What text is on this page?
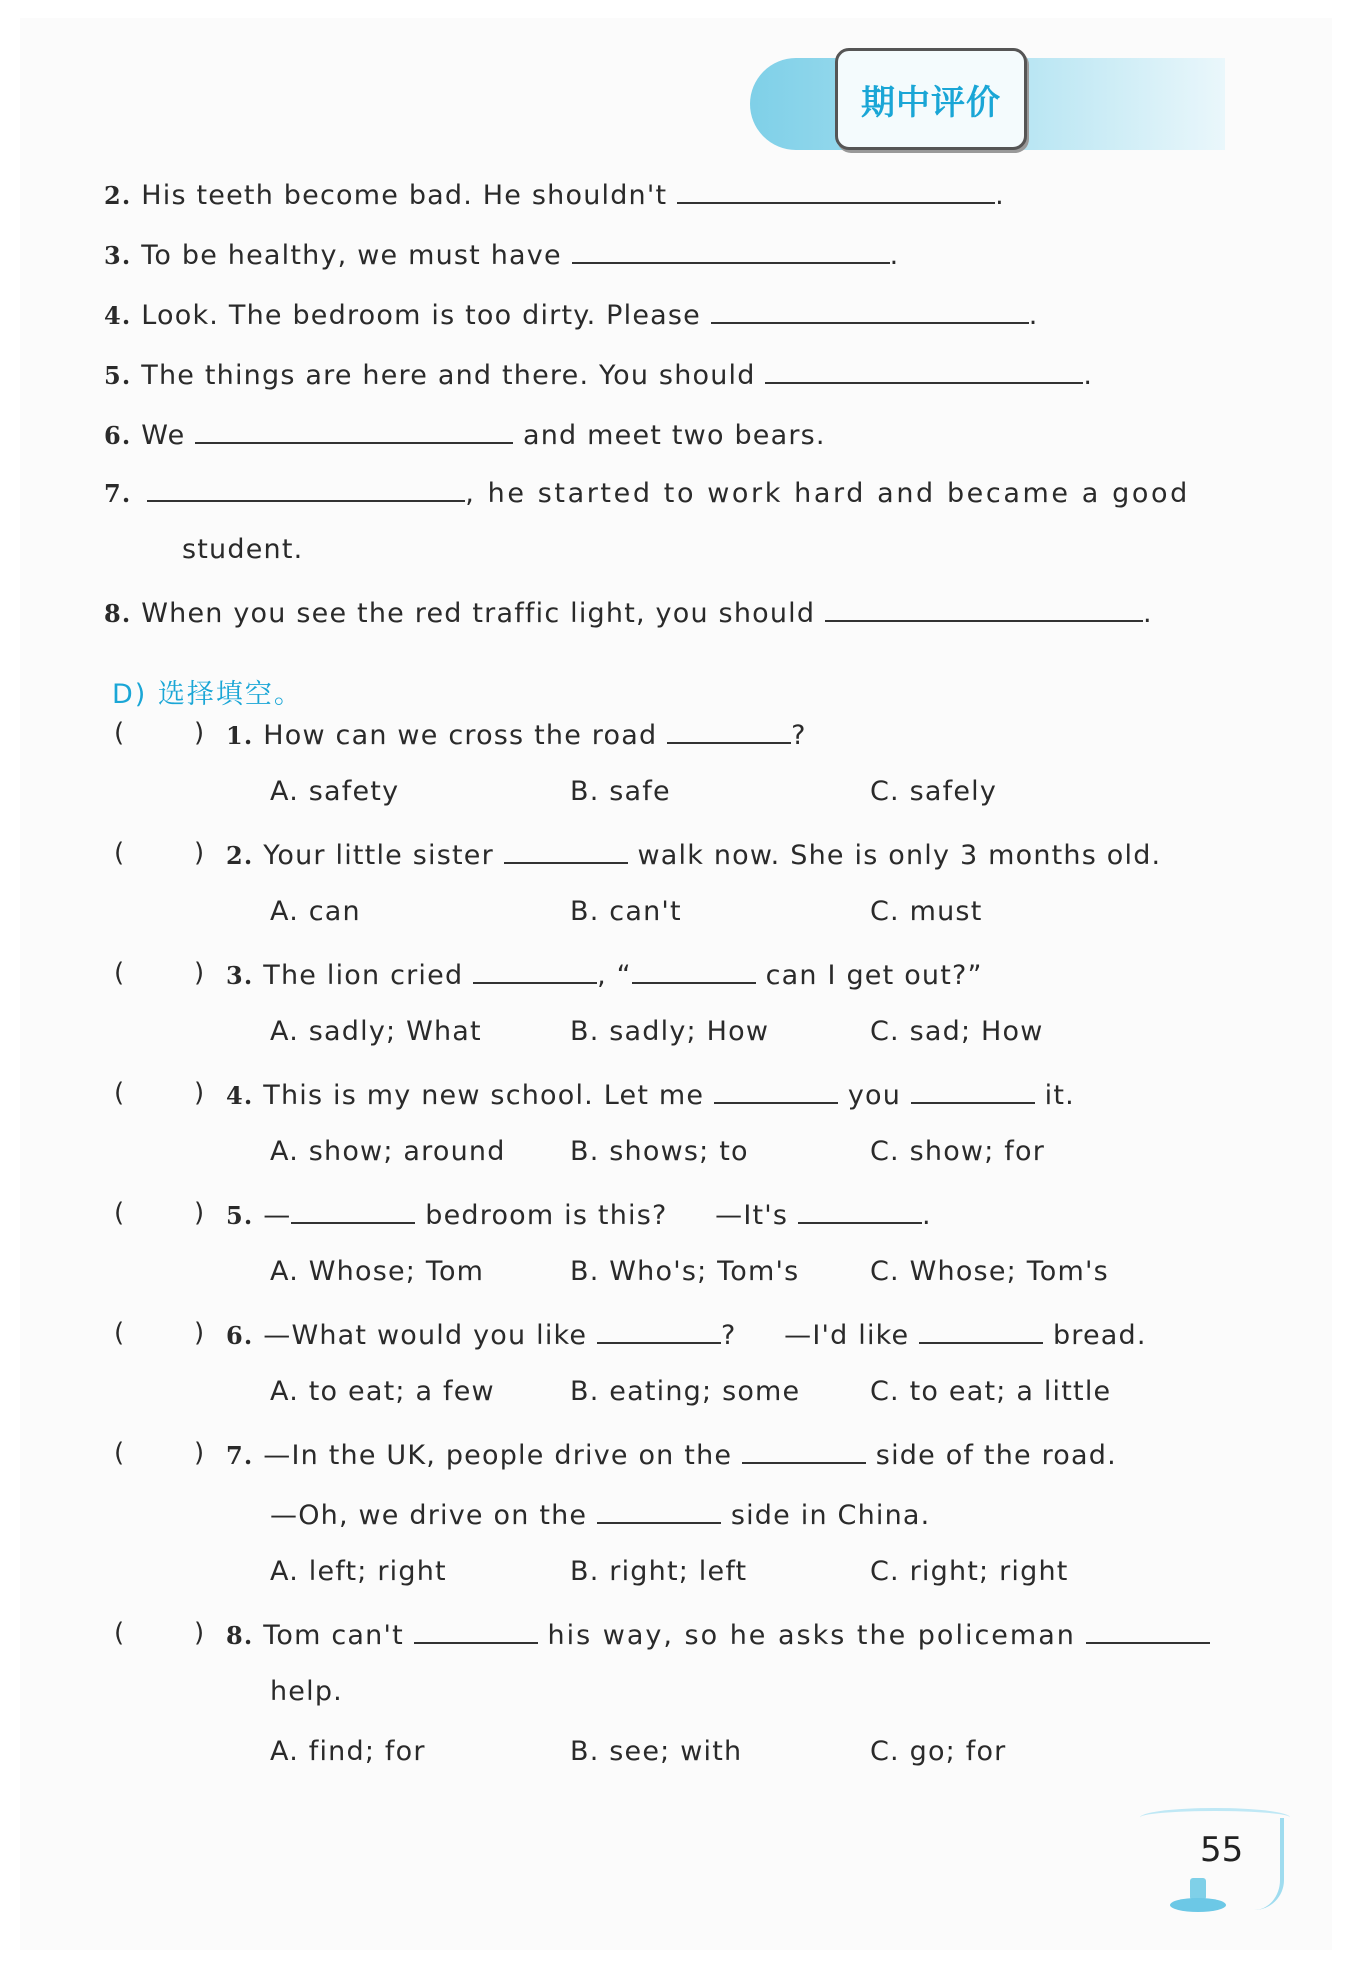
期中评价
2. His teeth become bad. He shouldn't	.
3. To be healthy, we must have	.
4. Look. The bedroom is too dirty. Please	.
5. The things are here and there. You should	.
6. We	and meet two bears.
7.	, he started to work hard and became a good
student.
8. When you see the red traffic light, you should	.
D) 选择填空。
(	) 1. How can we cross the road	?
A. safety	B. safe	C. safely
(	) 2. Your little sister	walk now. She is only 3 months old.
A. can	B. can't	C. must
(	) 3. The lion cried	, “	can I get out?”
A. sadly; What	B. sadly; How	C. sad; How
(	) 4. This is my new school. Let me	you	it.
A. show; around B. shows; to	C. show; for
(	) 5. —	bedroom is this? —It's	.
A. Whose; Tom	B. Who's; Tom's	C. Whose; Tom's
(	) 6. —What would you like	? —I'd like	bread.
A. to eat; a few	B. eating; some	C. to eat; a little
(	) 7. —In the UK, people drive on the	side of the road.
—Oh, we drive on the	side in China.
A. left; right	B. right; left	C. right; right
(	) 8. Tom can't	his way, so he asks the policeman
help.
A. find; for	B. see; with	C. go; for
55
